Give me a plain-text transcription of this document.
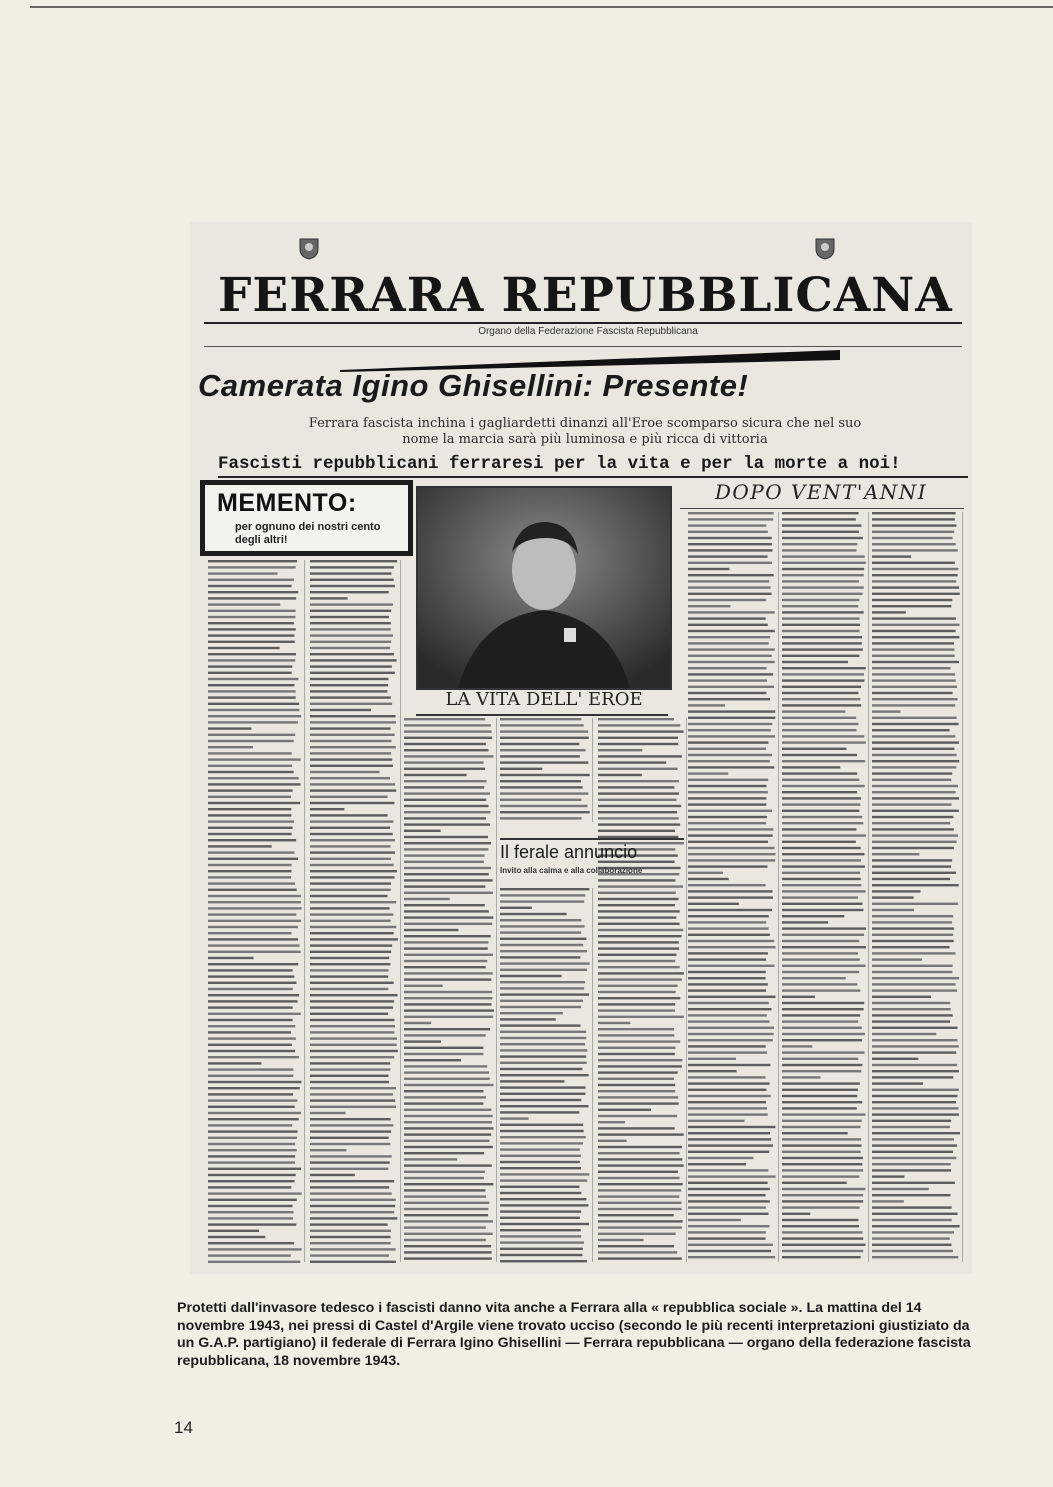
FERRARA REPUBBLICANA
Organo della Federazione Fascista Repubblicana
Camerata Igino Ghisellini: Presente!
Ferrara fascista inchina i gagliardetti dinanzi all'Eroe scomparso sicura che nel suo nome la marcia sarà più luminosa e più ricca di vittoria
Fascisti repubblicani ferraresi per la vita e per la morte a noi!
MEMENTO:
per ognuno dei nostri cento degli altri!
LA VITA DELL' EROE
DOPO VENT'ANNI
Il ferale annuncio
Invito alla calma e alla collaborazione
Protetti dall'invasore tedesco i fascisti danno vita anche a Ferrara alla « repubblica sociale ». La mattina del 14 novembre 1943, nei pressi di Castel d'Argile viene trovato ucciso (secondo le più recenti interpretazioni giustiziato da un G.A.P. partigiano) il federale di Ferrara Igino Ghisellini — Ferrara repubblicana — organo della federazione fascista repubblicana, 18 novembre 1943.
14
